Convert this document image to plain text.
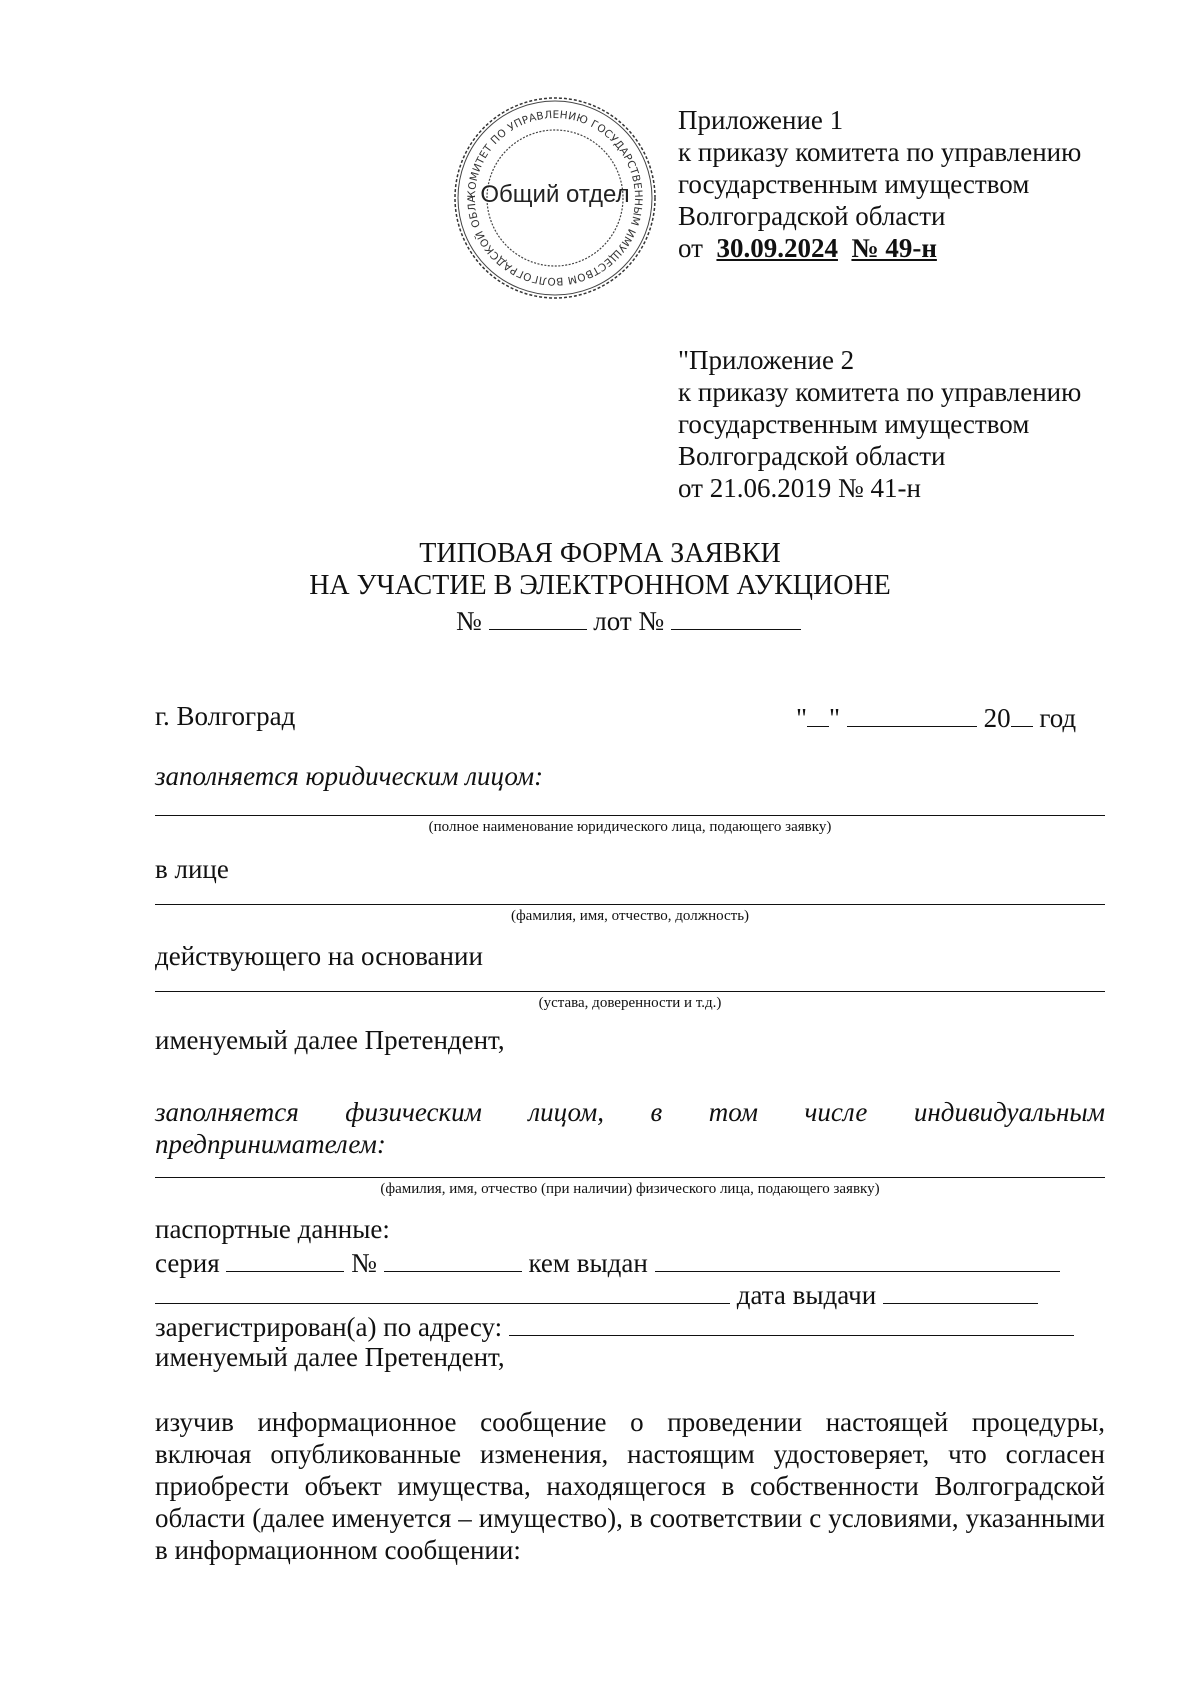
КОМИТЕТ ПО УПРАВЛЕНИЮ ГОСУДАРСТВЕННЫМ ИМУЩЕСТВОМ ВОЛГОГРАДСКОЙ ОБЛА Общий отдел
Приложение 1
к приказу комитета по управлению
государственным имуществом
Волгоградской области
от 30.09.2024 № 49-н
"Приложение 2
к приказу комитета по управлению
государственным имуществом
Волгоградской области
от 21.06.2019 № 41-н
ТИПОВАЯ ФОРМА ЗАЯВКИ
НА УЧАСТИЕ В ЭЛЕКТРОННОМ АУКЦИОНЕ
№	лот №
г. Волгоград	" "	20 год
заполняется юридическим лицом:
(полное наименование юридического лица, подающего заявку)
в лице
(фамилия, имя, отчество, должность)
действующего на основании
(устава, доверенности и т.д.)
именуемый далее Претендент,
заполняется физическим лицом, в том числе индивидуальным
предпринимателем:
(фамилия, имя, отчество (при наличии) физического лица, подающего заявку)
паспортные данные:
серия	№	кем выдан
дата выдачи
зарегистрирован(а) по адресу:
именуемый далее Претендент,
изучив информационное сообщение о проведении настоящей процедуры, включая опубликованные изменения, настоящим удостоверяет, что согласен приобрести объект имущества, находящегося в собственности Волгоградской области (далее именуется – имущество), в соответствии с условиями, указанными в информационном сообщении:
